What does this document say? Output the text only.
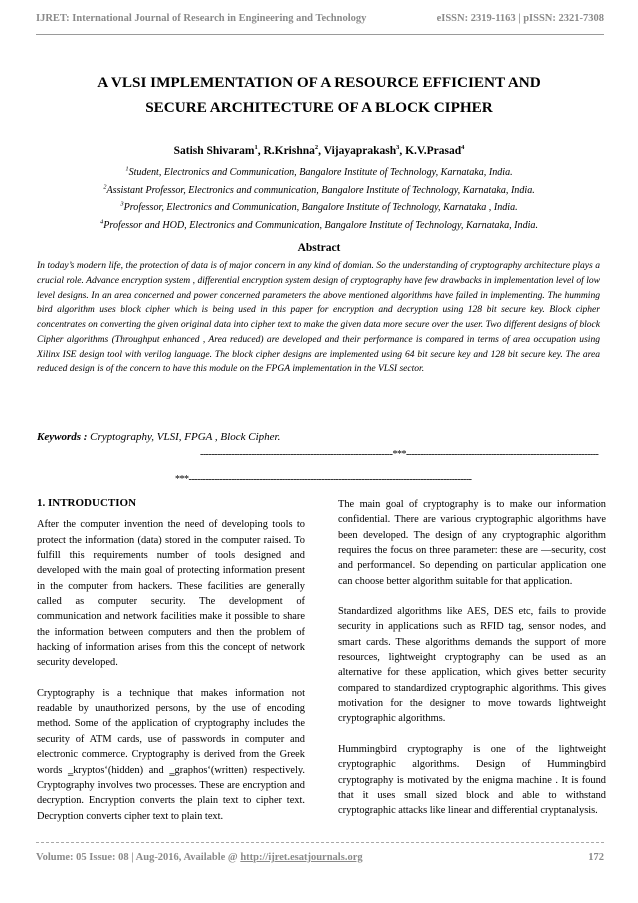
IJRET: International Journal of Research in Engineering and Technology	eISSN: 2319-1163 | pISSN: 2321-7308
A VLSI IMPLEMENTATION OF A RESOURCE EFFICIENT AND
SECURE ARCHITECTURE OF A BLOCK CIPHER
Satish Shivaram$^1$, R.Krishna$^2$, Vijayaprakash$^3$, K.V.Prasad$^4$
$^1$Student, Electronics and Communication, Bangalore Institute of Technology, Karnataka, India.
$^2$Assistant Professor, Electronics and communication, Bangalore Institute of Technology, Karnataka, India.
$^3$Professor, Electronics and Communication, Bangalore Institute of Technology, Karnataka , India.
$^4$Professor and HOD, Electronics and Communication, Bangalore Institute of Technology, Karnataka, India.
Abstract
In today’s modern life, the protection of data is of major concern in any kind of domian. So the understanding of cryptography architecture plays a crucial role. Advance encryption system , differential encryption system design of cryptography have few drawbacks in implementation level of low level designs. In an area concerned and power concerned parameters the above mentioned algorithms have failed in implementing. The humming bird algorithm uses block cipher which is being used in this paper for encryption and decryption using 128 bit secure key. Block cipher concentrates on converting the given original data into cipher text to make the given data more secure over the user. Two different designs of block Cipher algorithms (Throughput enhanced , Area reduced) are developed and their performance is compared in terms of area occupation using Xilinx ISE design tool with verilog language. The block cipher designs are implemented using 64 bit secure key and 128 bit secure key. The area reduced design is of the concern to have this module on the FPGA implementation in the VLSI sector.
Keywords : Cryptography, VLSI, FPGA , Block Cipher.
--------------------------------------------------------------------***--------------------------------------------------------------------
***----------------------------------------------------------------------------------------------------
1. INTRODUCTION

After the computer invention the need of developing tools to protect the information (data) stored in the computer raised. To fulfill this requirements number of tools designed and developed with the main goal of protecting information present in the computer from hackers. These facilities are generally called as computer security. The development of communication and network facilities make it possible to share the information between computers and then the problem of hacking of information arises from this the concept of network security developed.

Cryptography is a technique that makes information not readable by unauthorized persons, by the use of encoding method. Some of the application of cryptography includes the security of ATM cards, use of passwords in computer and electronic commerce. Cryptography is derived from the Greek words ‗kryptos‘(hidden) and ‗graphos‘(written) respectively. Cryptography involves two processes. These are encryption and decryption. Encryption converts the plain text to cipher text. Decryption converts cipher text to plain text.

The main goal of cryptography is to make our information confidential. There are various cryptographic algorithms have been developed. The design of any cryptographic algorithm requires the focus on three parameter: these are ―security, cost and performance‖. So depending on particular application one can choose better algorithm suitable for that application.

Standardized algorithms like AES, DES etc, fails to provide security in applications such as RFID tag, sensor nodes, and smart cards. These algorithms demands the support of more resources, lightweight cryptography can be used as an alternative for these application, which gives better security compared to standardized cryptographic algorithms. This gives motivation for the designer to move towards lightweight cryptographic algorithms.

Hummingbird cryptography is one of the lightweight cryptographic algorithms. Design of Hummingbird cryptography is motivated by the enigma machine . It is found that it uses small sized block and able to withstand cryptographic attacks like linear and differential cryptanalysis.

Volume: 05 Issue: 08 | Aug-2016, Available @ http://ijret.esatjournals.org	172
